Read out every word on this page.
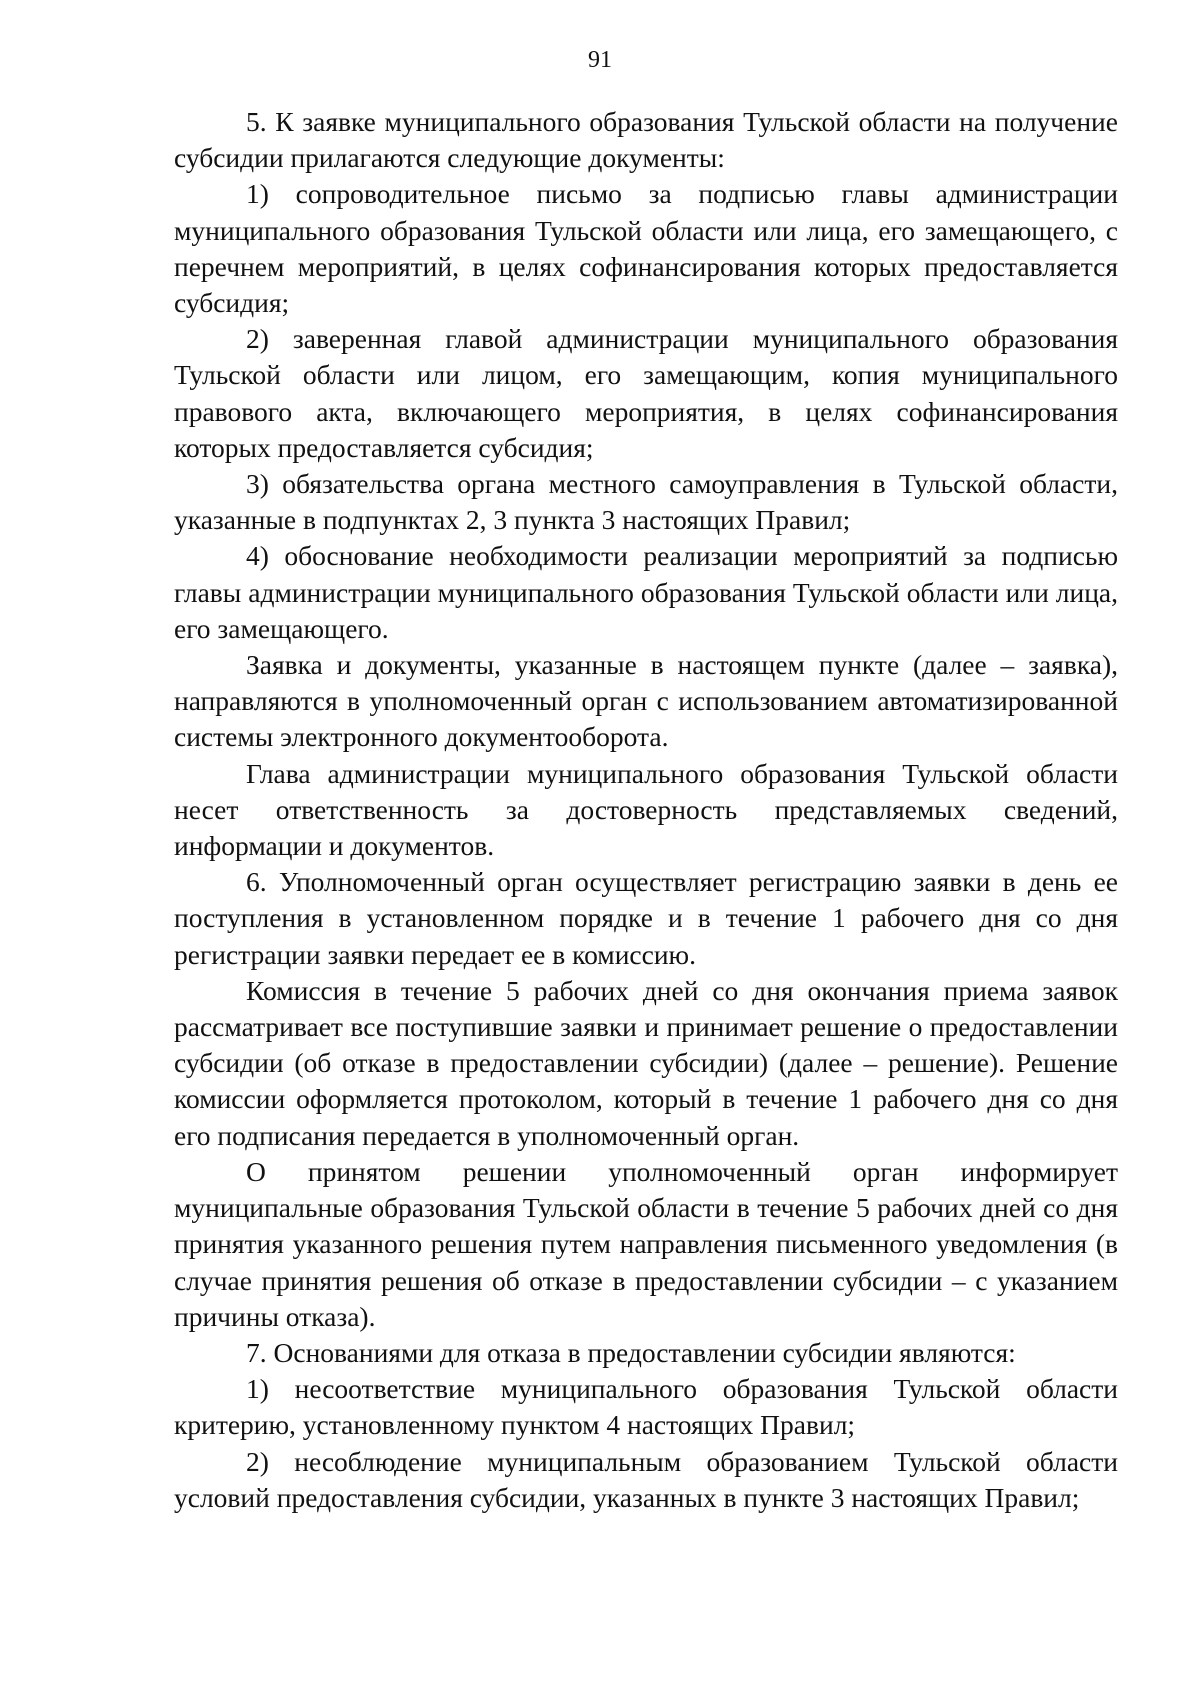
91

5. К заявке муниципального образования Тульской области на получение субсидии прилагаются следующие документы:

1) сопроводительное письмо за подписью главы администрации муниципального образования Тульской области или лица, его замещающего, с перечнем мероприятий, в целях софинансирования которых предоставляется субсидия;

2) заверенная главой администрации муниципального образования Тульской области или лицом, его замещающим, копия муниципального правового акта, включающего мероприятия, в целях софинансирования которых предоставляется субсидия;

3) обязательства органа местного самоуправления в Тульской области, указанные в подпунктах 2, 3 пункта 3 настоящих Правил;

4) обоснование необходимости реализации мероприятий за подписью главы администрации муниципального образования Тульской области или лица, его замещающего.

Заявка и документы, указанные в настоящем пункте (далее – заявка), направляются в уполномоченный орган с использованием автоматизированной системы электронного документооборота.

Глава администрации муниципального образования Тульской области несет ответственность за достоверность представляемых сведений, информации и документов.

6. Уполномоченный орган осуществляет регистрацию заявки в день ее поступления в установленном порядке и в течение 1 рабочего дня со дня регистрации заявки передает ее в комиссию.

Комиссия в течение 5 рабочих дней со дня окончания приема заявок рассматривает все поступившие заявки и принимает решение о предоставлении субсидии (об отказе в предоставлении субсидии) (далее – решение). Решение комиссии оформляется протоколом, который в течение 1 рабочего дня со дня его подписания передается в уполномоченный орган.

О принятом решении уполномоченный орган информирует муниципальные образования Тульской области в течение 5 рабочих дней со дня принятия указанного решения путем направления письменного уведомления (в случае принятия решения об отказе в предоставлении субсидии – с указанием причины отказа).

7. Основаниями для отказа в предоставлении субсидии являются:

1) несоответствие муниципального образования Тульской области критерию, установленному пунктом 4 настоящих Правил;

2) несоблюдение муниципальным образованием Тульской области условий предоставления субсидии, указанных в пункте 3 настоящих Правил;
